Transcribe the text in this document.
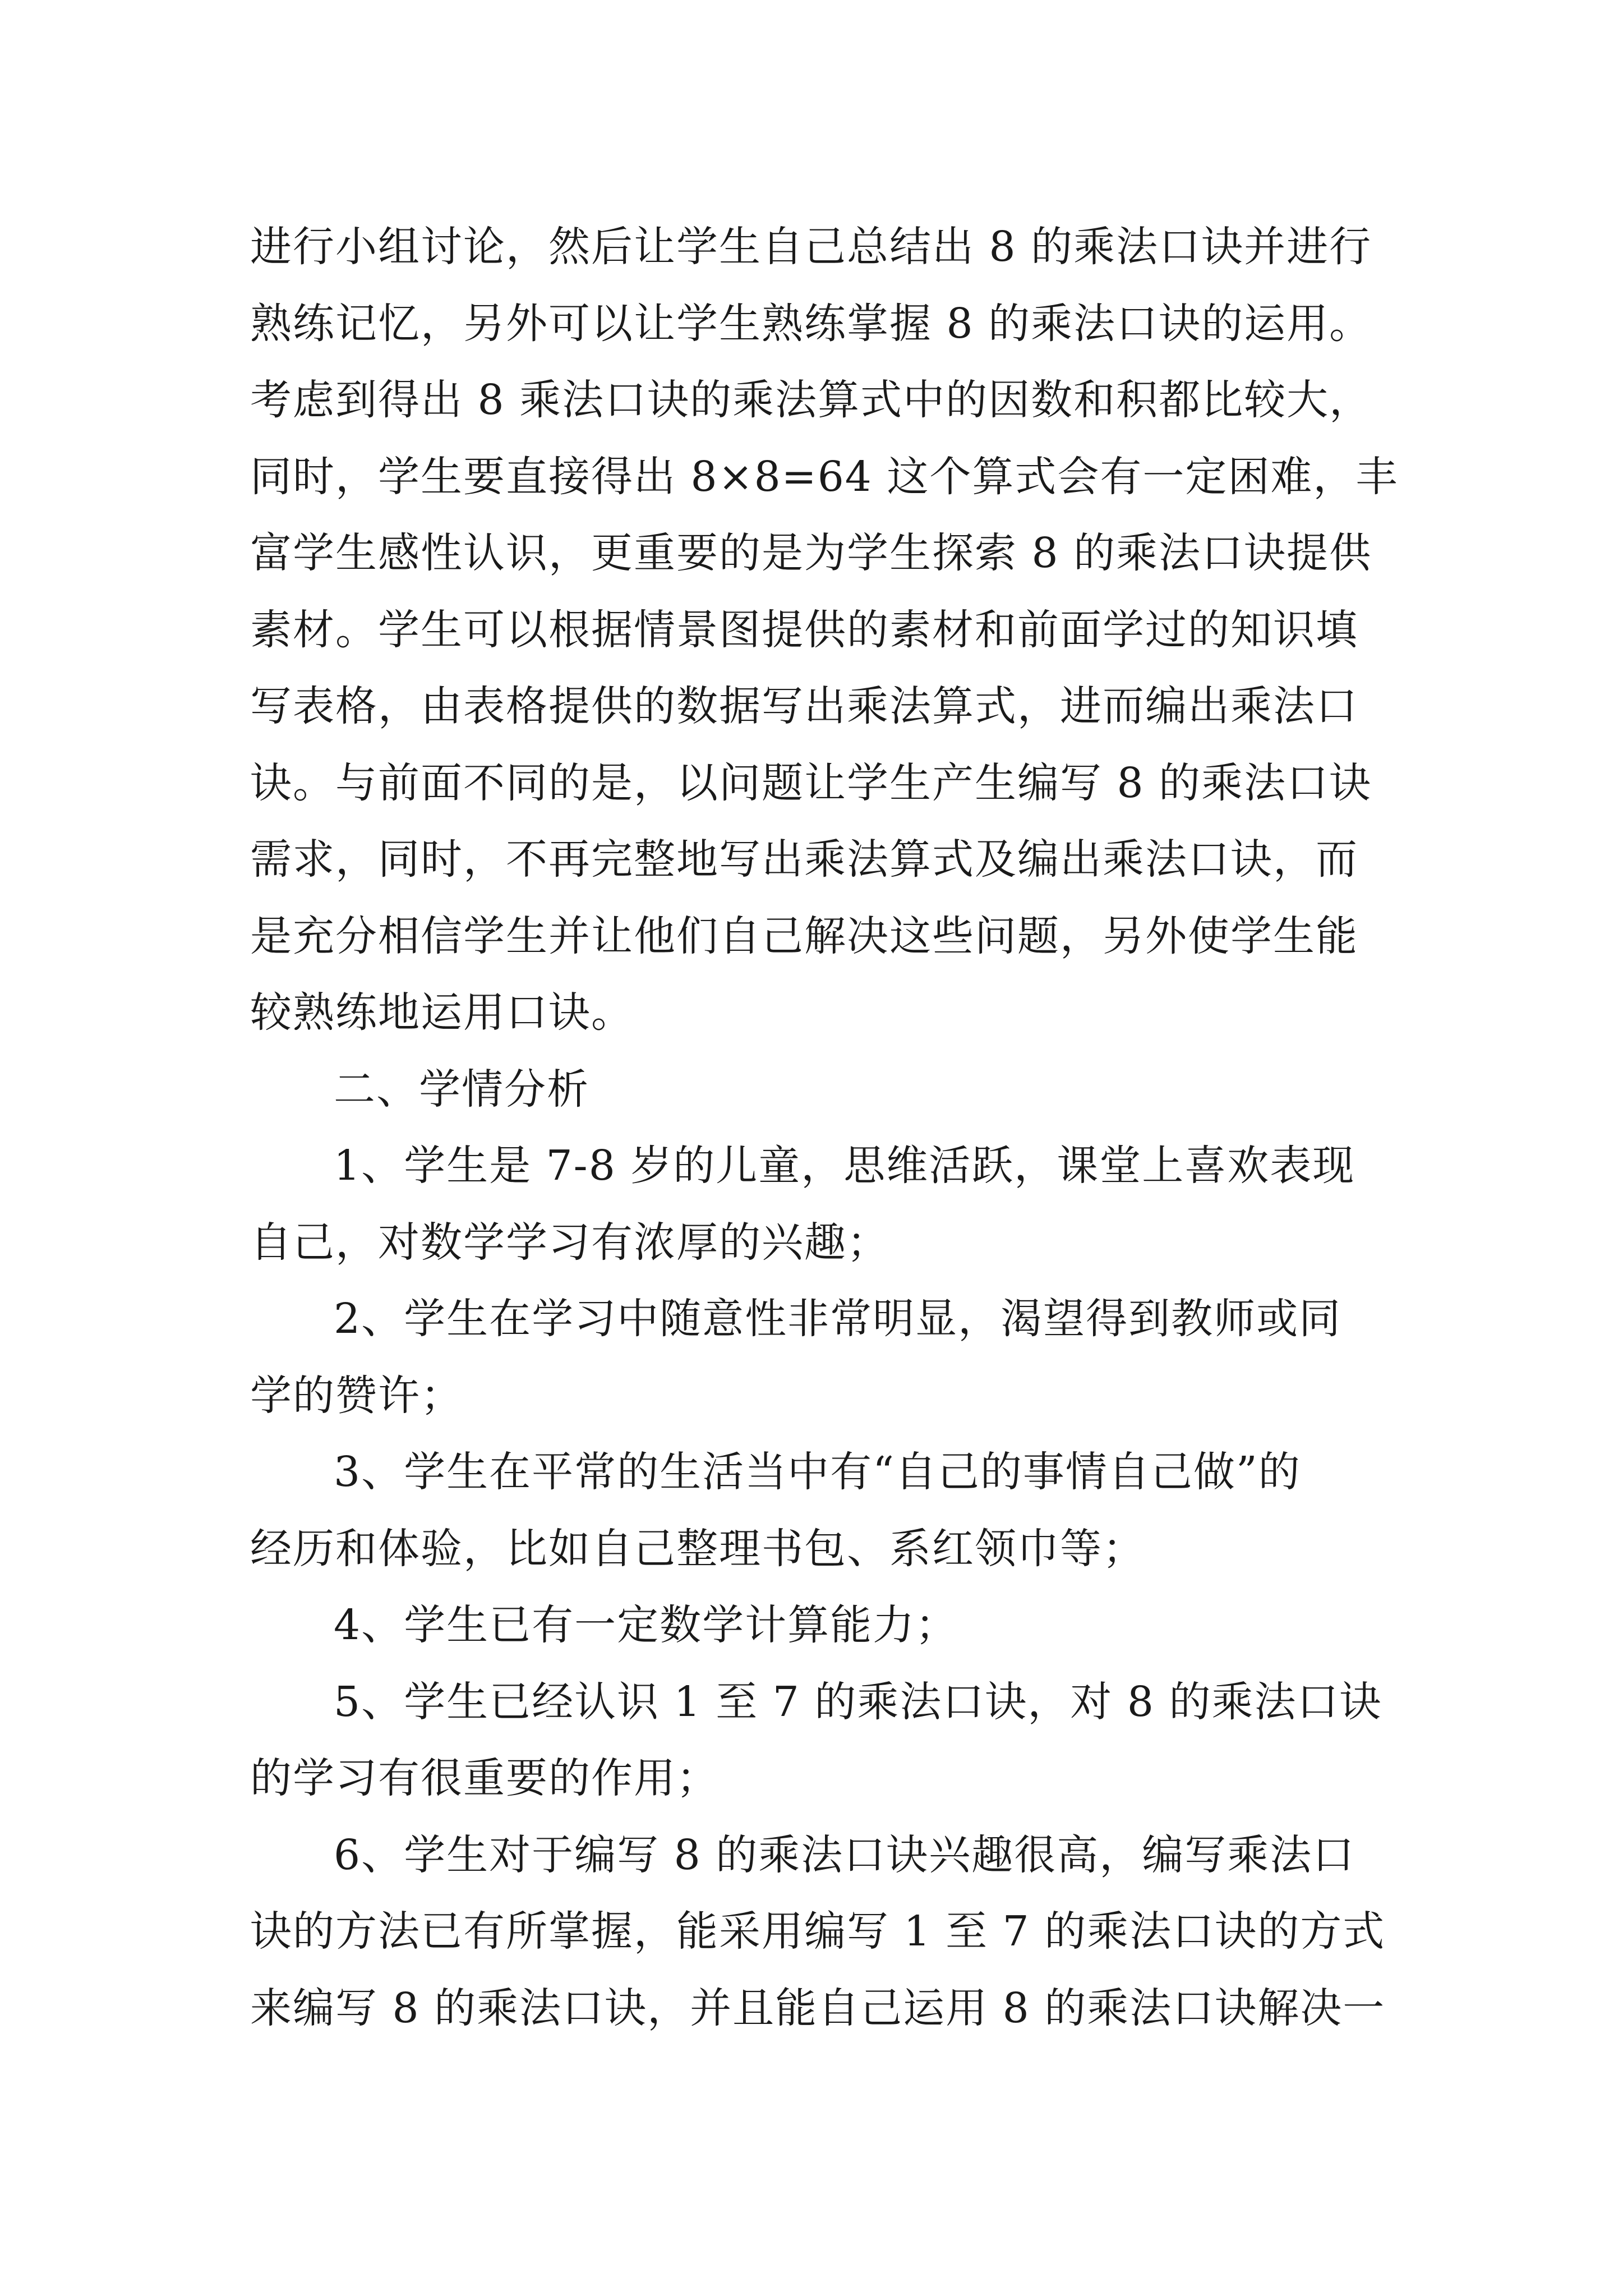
进行小组讨论，然后让学生自己总结出 8 的乘法口诀并进行
熟练记忆，另外可以让学生熟练掌握 8 的乘法口诀的运用。
考虑到得出 8 乘法口诀的乘法算式中的因数和积都比较大，
同时，学生要直接得出 8×8=64 这个算式会有一定困难，丰
富学生感性认识，更重要的是为学生探索 8 的乘法口诀提供
素材。学生可以根据情景图提供的素材和前面学过的知识填
写表格，由表格提供的数据写出乘法算式，进而编出乘法口
诀。与前面不同的是，以问题让学生产生编写 8 的乘法口诀
需求，同时，不再完整地写出乘法算式及编出乘法口诀，而
是充分相信学生并让他们自己解决这些问题，另外使学生能
较熟练地运用口诀。
二、学情分析
1、学生是 7-8 岁的儿童，思维活跃，课堂上喜欢表现
自己，对数学学习有浓厚的兴趣；
2、学生在学习中随意性非常明显，渴望得到教师或同
学的赞许；
3、学生在平常的生活当中有“自己的事情自己做”的
经历和体验，比如自己整理书包、系红领巾等；
4、学生已有一定数学计算能力；
5、学生已经认识 1 至 7 的乘法口诀，对 8 的乘法口诀
的学习有很重要的作用；
6、学生对于编写 8 的乘法口诀兴趣很高，编写乘法口
诀的方法已有所掌握，能采用编写 1 至 7 的乘法口诀的方式
来编写 8 的乘法口诀，并且能自己运用 8 的乘法口诀解决一
